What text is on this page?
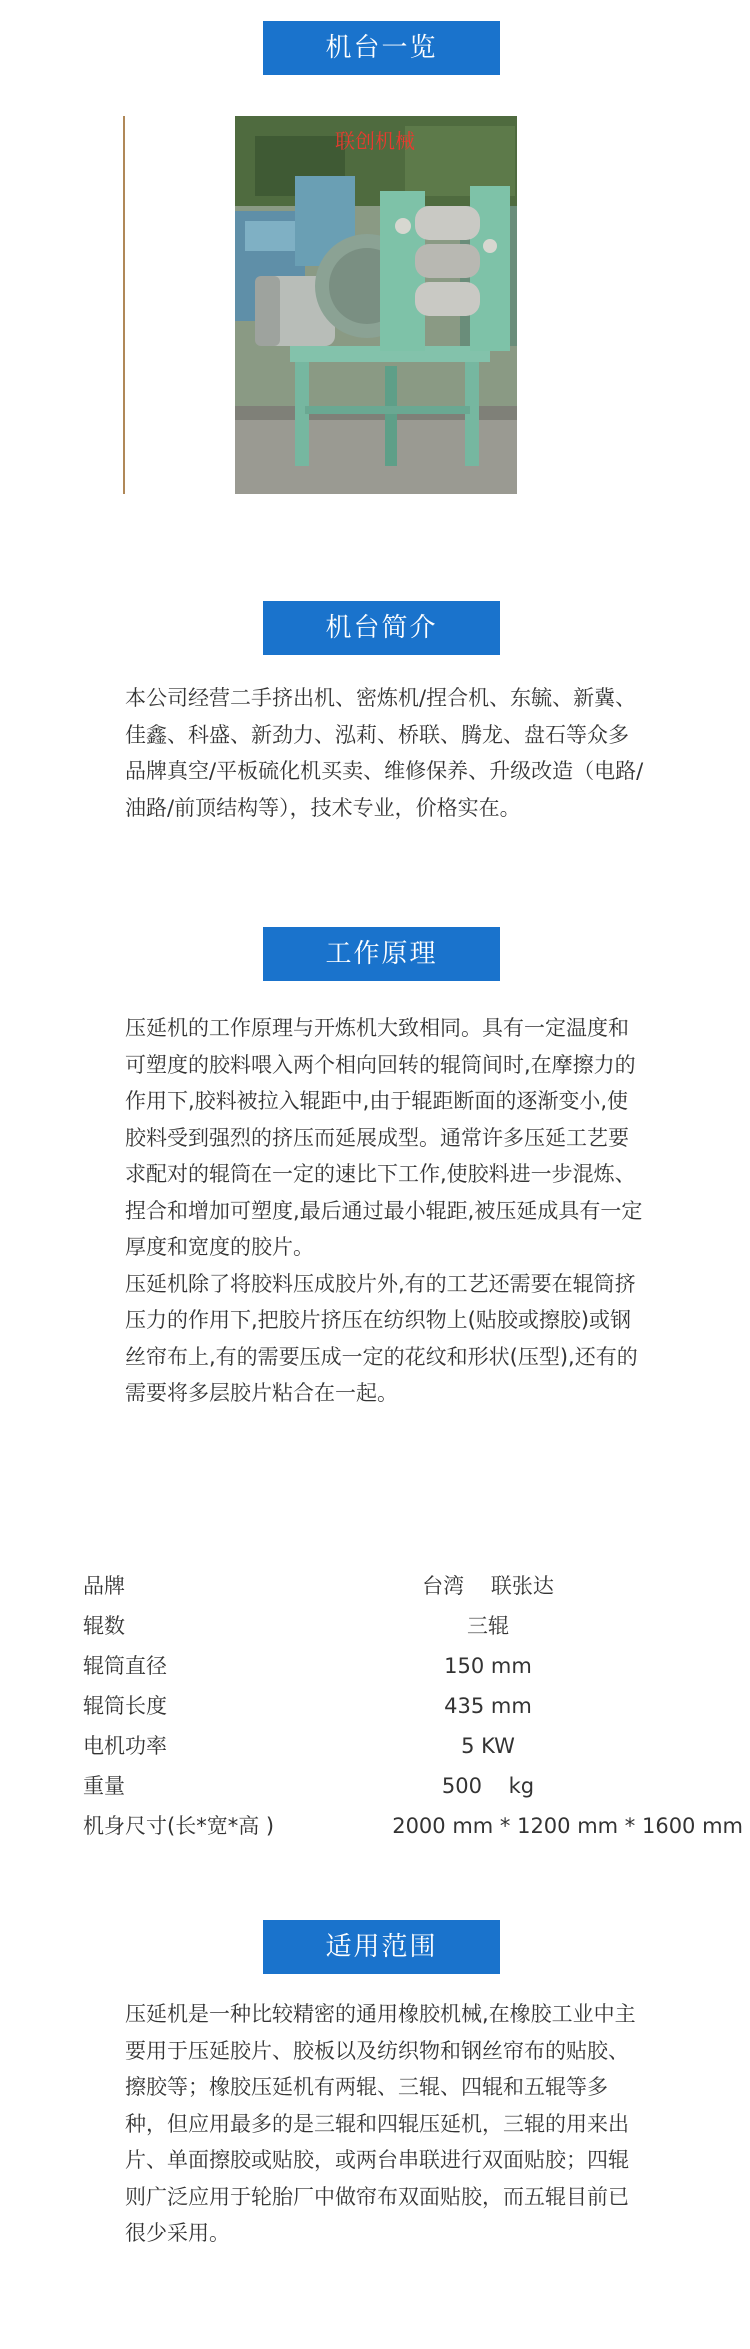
机台一览
联创机械
机台简介

本公司经营二手挤出机、密炼机/捏合机、东毓、新冀、佳鑫、科盛、新劲力、泓莉、桥联、腾龙、盘石等众多品牌真空/平板硫化机买卖、维修保养、升级改造（电路/油路/前顶结构等），技术专业，价格实在。

工作原理

压延机的工作原理与开炼机大致相同。具有一定温度和可塑度的胶料喂入两个相向回转的辊筒间时,在摩擦力的作用下,胶料被拉入辊距中,由于辊距断面的逐渐变小,使胶料受到强烈的挤压而延展成型。通常许多压延工艺要求配对的辊筒在一定的速比下工作,使胶料进一步混炼、捏合和增加可塑度,最后通过最小辊距,被压延成具有一定厚度和宽度的胶片。

压延机除了将胶料压成胶片外,有的工艺还需要在辊筒挤压力的作用下,把胶片挤压在纺织物上(贴胶或擦胶)或钢丝帘布上,有的需要压成一定的花纹和形状(压型),还有的需要将多层胶片粘合在一起。

品牌	台湾    联张达
辊数	三辊
辊筒直径	150 mm
辊筒长度	435 mm
电机功率	5 KW
重量	500    kg
机身尺寸(长*宽*高 )	2000 mm * 1200 mm * 1600 mm
适用范围

压延机是一种比较精密的通用橡胶机械,在橡胶工业中主要用于压延胶片、胶板以及纺织物和钢丝帘布的贴胶、擦胶等；橡胶压延机有两辊、三辊、四辊和五辊等多种，但应用最多的是三辊和四辊压延机，三辊的用来出片、单面擦胶或贴胶，或两台串联进行双面贴胶；四辊则广泛应用于轮胎厂中做帘布双面贴胶，而五辊目前已很少采用。
